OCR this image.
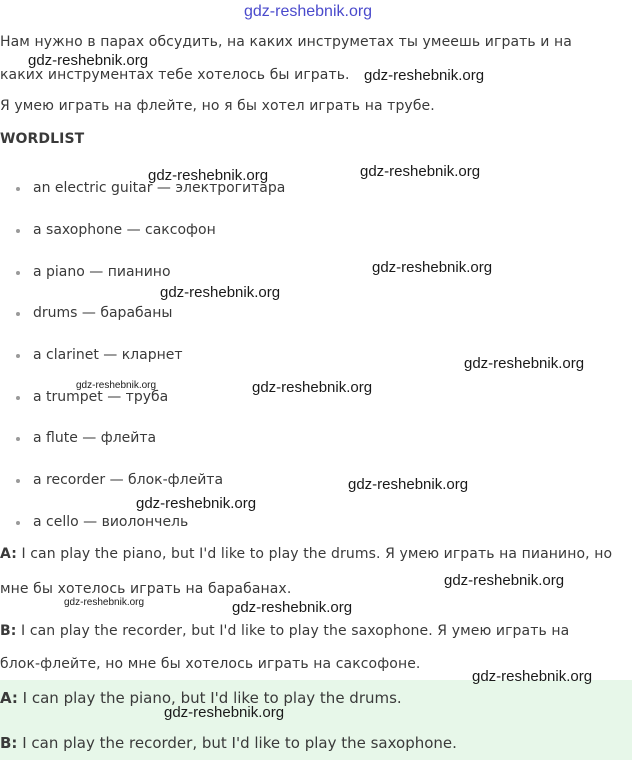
Нам нужно в парах обсудить, на каких инструметах ты умеешь играть и на
каких инструментах тебе хотелось бы играть.
Я умею играть на флейте, но я бы хотел играть на трубе.
WORDLIST
an electric guitar — электрогитара
a saxophone — саксофон
a piano — пианино
drums — барабаны
a clarinet — кларнет
a trumpet — труба
a flute — флейта
a recorder — блок-флейта
a cello — виолончель
A: I can play the piano, but I'd like to play the drums. Я умею играть на пианино, но
мне бы хотелось играть на барабанах.
B: I can play the recorder, but I'd like to play the saxophone. Я умею играть на
блок-флейте, но мне бы хотелось играть на саксофоне.
A: I can play the piano, but I'd like to play the drums.
B: I can play the recorder, but I'd like to play the saxophone.
gdz-reshebnik.org
gdz-reshebnik.org
gdz-reshebnik.org
gdz-reshebnik.org	gdz-reshebnik.org
gdz-reshebnik.org
gdz-reshebnik.org
gdz-reshebnik.org
gdz-reshebnik.org	gdz-reshebnik.org
gdz-reshebnik.org
gdz-reshebnik.org
gdz-reshebnik.org
gdz-reshebnik.org	gdz-reshebnik.org
gdz-reshebnik.org
gdz-reshebnik.org
